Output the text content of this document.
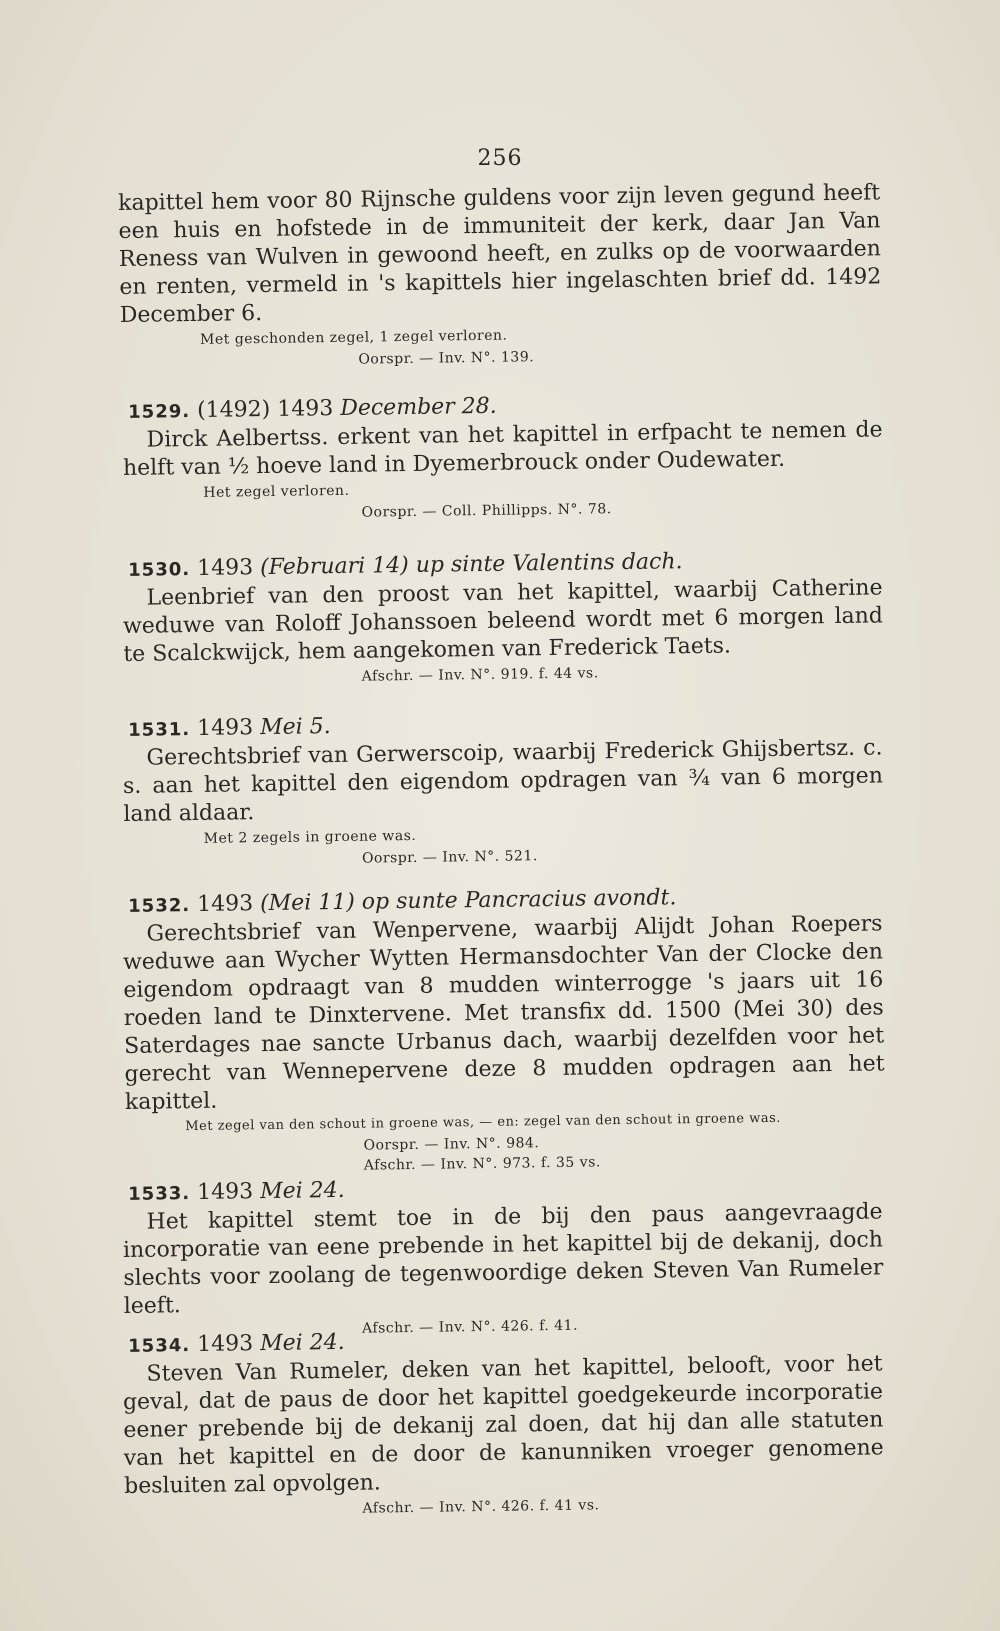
256
kapittel hem voor 80 Rijnsche guldens voor zijn leven gegund heeft een huis en hofstede in de immuniteit der kerk, daar Jan Van Reness van Wulven in gewoond heeft, en zulks op de voorwaarden en renten, vermeld in 's kapittels hier ingelaschten brief dd. 1492 December 6.
Met geschonden zegel, 1 zegel verloren.
Oorspr. — Inv. N°. 139.
1529. (1492) 1493 December 28.
Dirck Aelbertss. erkent van het kapittel in erfpacht te nemen de helft van ½ hoeve land in Dyemerbrouck onder Oudewater.
Het zegel verloren.
Oorspr. — Coll. Phillipps. N°. 78.
1530. 1493 (Februari 14) up sinte Valentins dach.
Leenbrief van den proost van het kapittel, waarbij Catherine weduwe van Roloff Johanssoen beleend wordt met 6 morgen land te Scalckwijck, hem aangekomen van Frederick Taets.
Afschr. — Inv. N°. 919. f. 44 vs.
1531. 1493 Mei 5.
Gerechtsbrief van Gerwerscoip, waarbij Frederick Ghijsbertsz. c. s. aan het kapittel den eigendom opdragen van ¾ van 6 morgen land aldaar.
Met 2 zegels in groene was.
Oorspr. — Inv. N°. 521.
1532. 1493 (Mei 11) op sunte Pancracius avondt.
Gerechtsbrief van Wenpervene, waarbij Alijdt Johan Roepers weduwe aan Wycher Wytten Hermansdochter Van der Clocke den eigendom opdraagt van 8 mudden winterrogge 's jaars uit 16 roeden land te Dinxtervene. Met transfix dd. 1500 (Mei 30) des Saterdages nae sancte Urbanus dach, waarbij dezelfden voor het gerecht van Wennepervene deze 8 mudden opdragen aan het kapittel.
Met zegel van den schout in groene was, — en: zegel van den schout in groene was.
Oorspr. — Inv. N°. 984.
Afschr. — Inv. N°. 973. f. 35 vs.
1533. 1493 Mei 24.
Het kapittel stemt toe in de bij den paus aangevraagde incorporatie van eene prebende in het kapittel bij de dekanij, doch slechts voor zoolang de tegenwoordige deken Steven Van Rumeler leeft.
Afschr. — Inv. N°. 426. f. 41.
1534. 1493 Mei 24.
Steven Van Rumeler, deken van het kapittel, belooft, voor het geval, dat de paus de door het kapittel goedgekeurde incorporatie eener prebende bij de dekanij zal doen, dat hij dan alle statuten van het kapittel en de door de kanunniken vroeger genomene besluiten zal opvolgen.
Afschr. — Inv. N°. 426. f. 41 vs.
